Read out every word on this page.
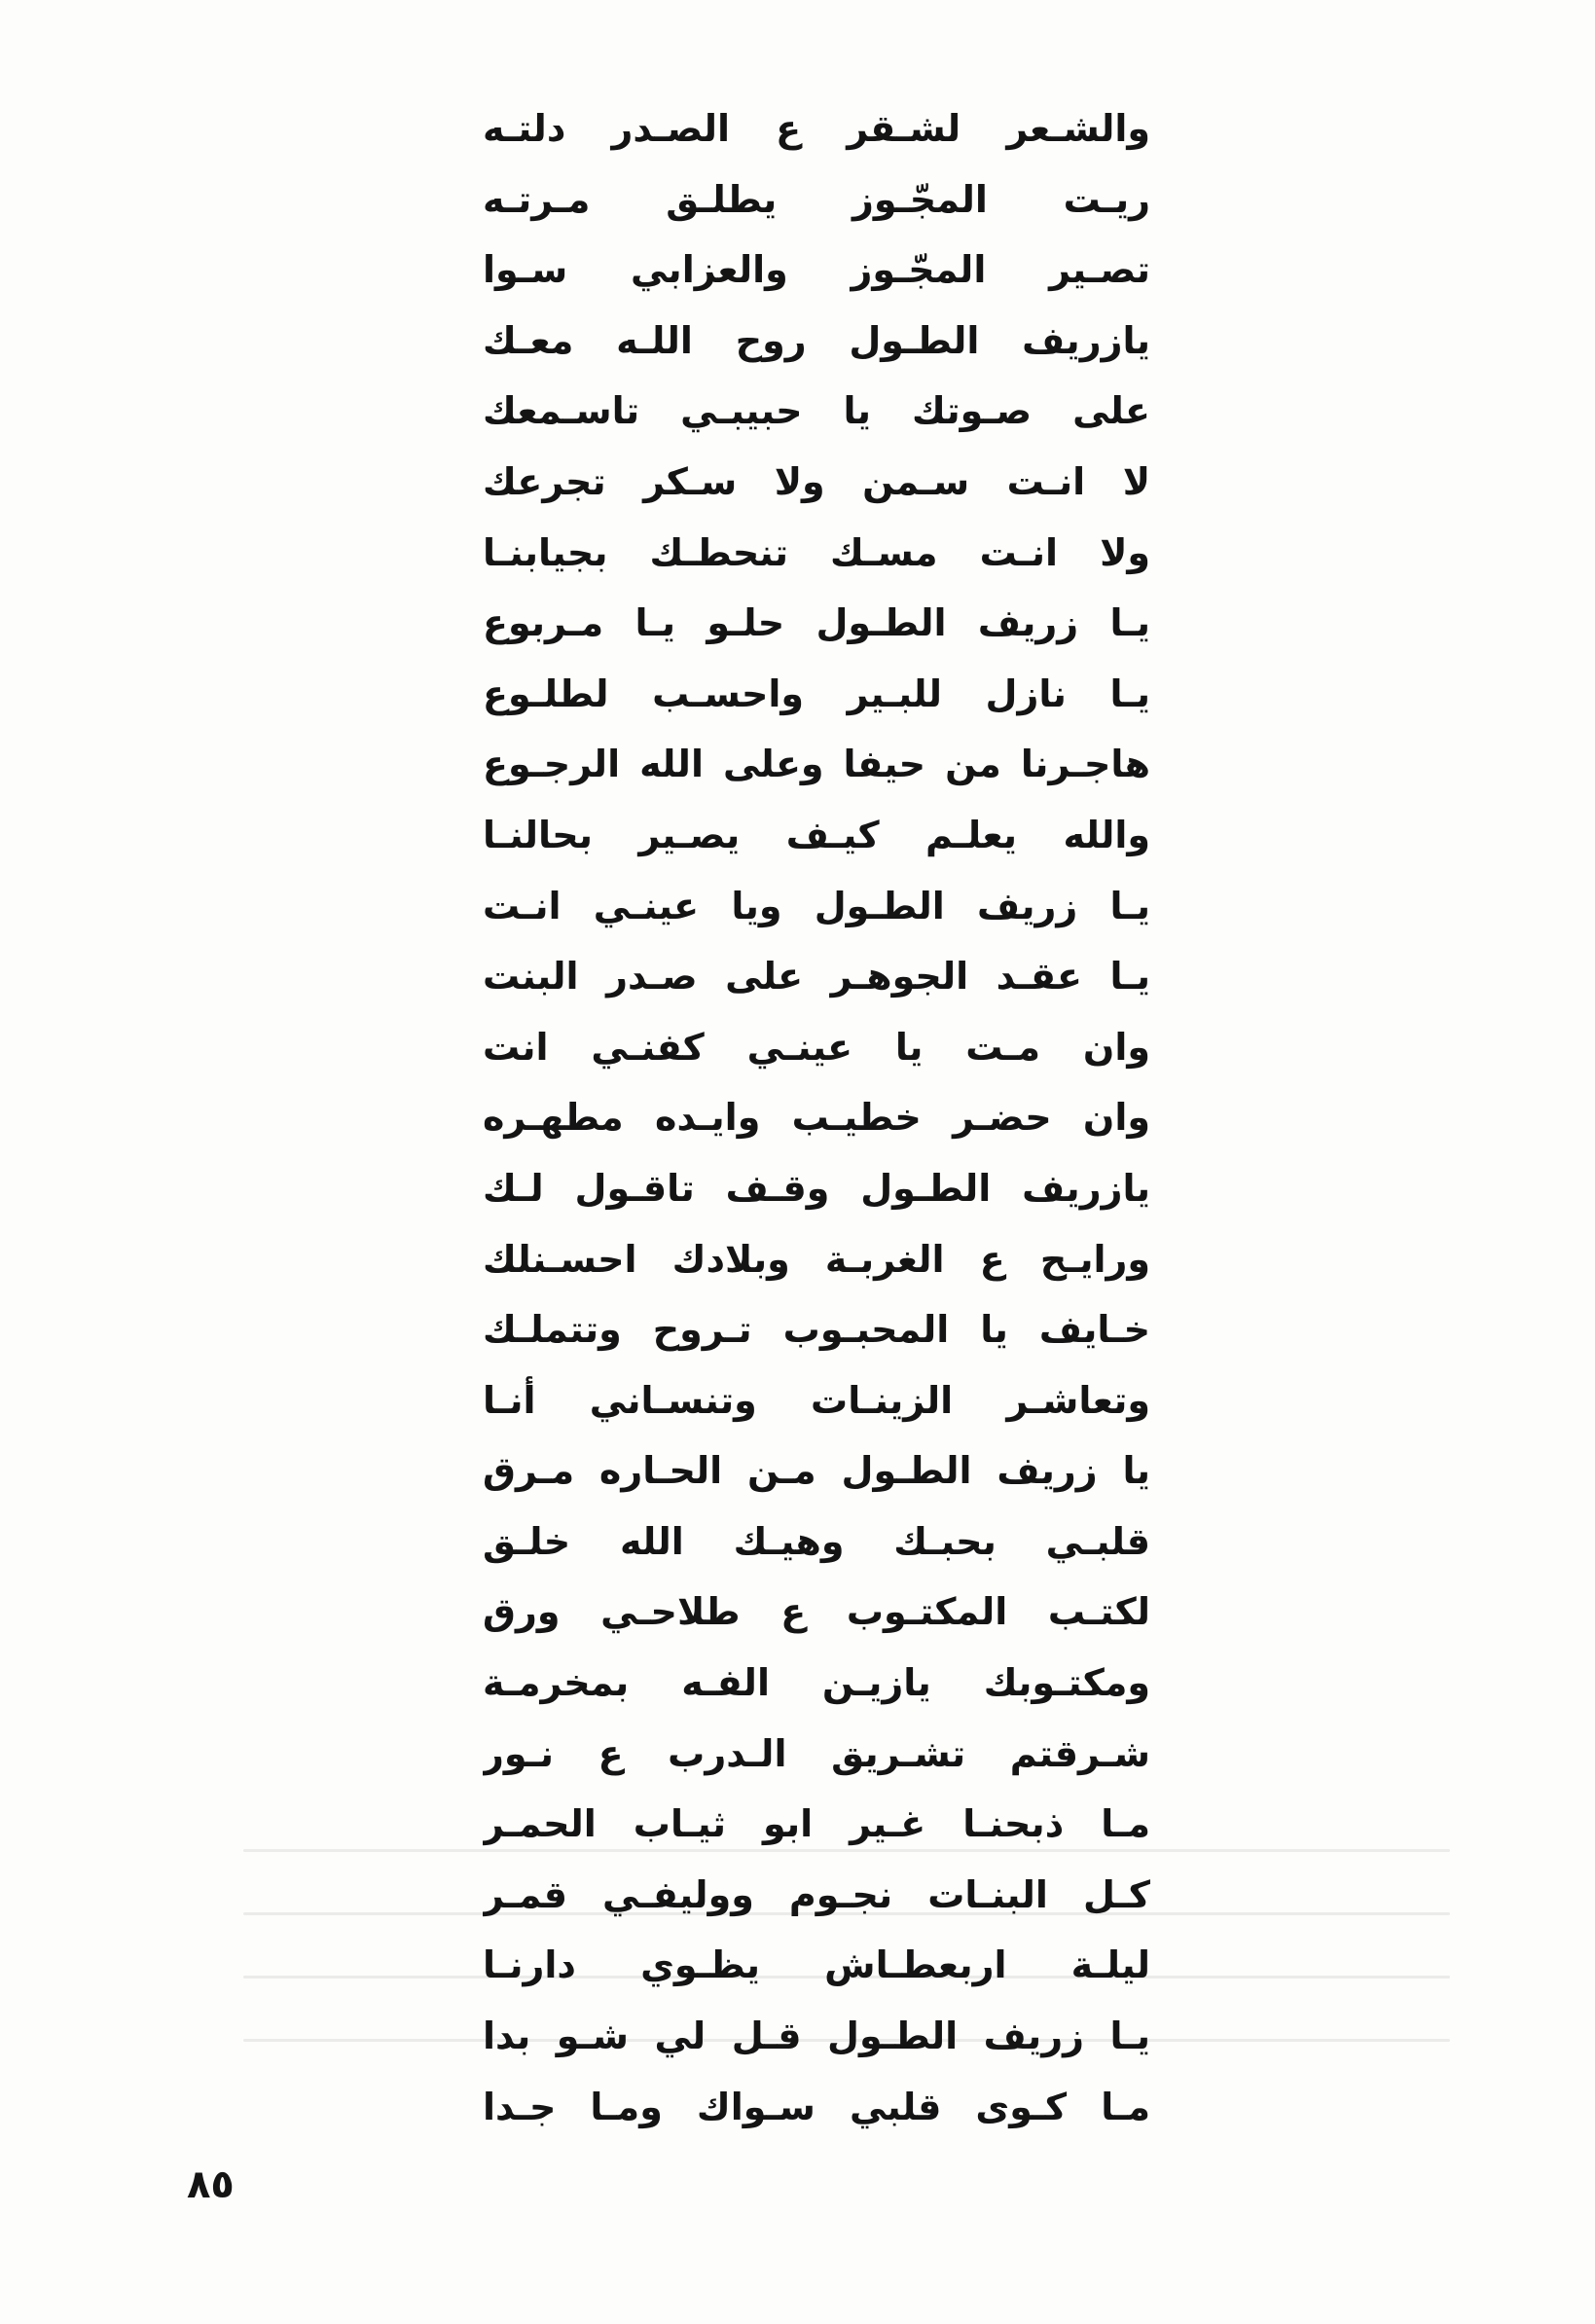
والشـعر لشـقر ع الصـدر دلتـه
ريـت المجّـوز يطلـق مـرتـه
تصـير المجّـوز والعزابي سـوا
يازريف الطـول روح اللـه معـك
على صـوتك يا حبيبـي تاسـمعك
لا انـت سـمن ولا سـكر تجرعك
ولا انـت مسـك تنحطـك بجيابنـا
يـا زريف الطـول حلـو يـا مـربوع
يـا نازل للبـير واحسـب لطلـوع
هاجـرنا من حيفا وعلى الله الرجـوع
والله يعلـم كيـف يصـير بحالنـا
يـا زريف الطـول ويا عينـي انـت
يـا عقـد الجوهـر على صـدر البنت
وان مـت يا عينـي كفنـي انت
وان حضـر خطيـب وايـده مطهـره
يازريف الطـول وقـف تاقـول لـك
ورايـح ع الغربـة وبلادك احسـنلك
خـايف يا المحبـوب تـروح وتتملـك
وتعاشـر الزينـات وتنسـاني أنـا
يا زريف الطـول مـن الحـاره مـرق
قلبـي بحبـك وهيـك الله خلـق
لكتـب المكتـوب ع طلاحـي ورق
ومكتـوبك يازيـن الفـه بمخرمـة
شـرقتم تشـريق الـدرب ع نـور
مـا ذبحنـا غـير ابو ثيـاب الحمـر
كـل البنـات نجـوم ووليفـي قمـر
ليلـة اربعطـاش يظـوي دارنـا
يـا زريف الطـول قـل لي شـو بدا
مـا كـوى قلبي سـواك ومـا جـدا
٨٥
